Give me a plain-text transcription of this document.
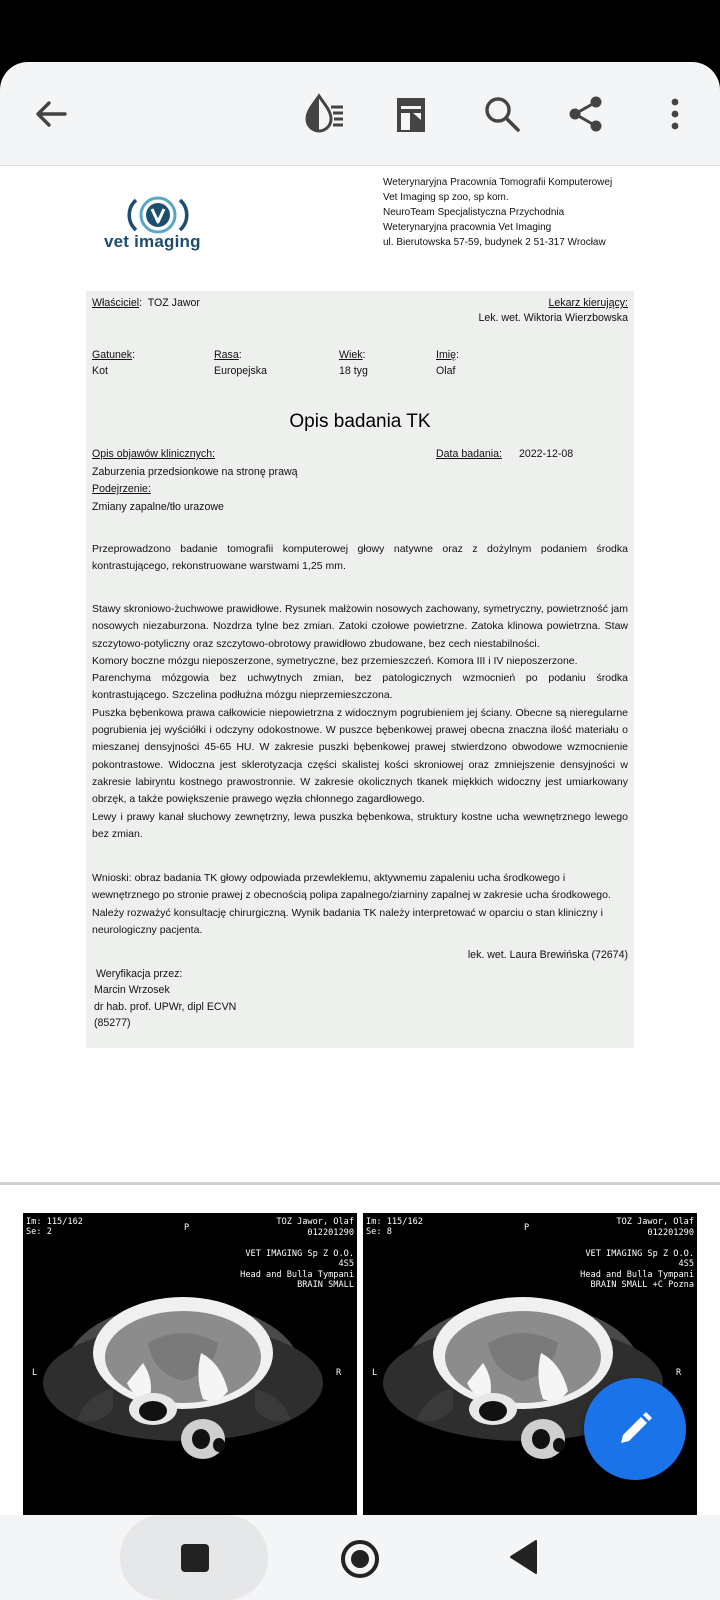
vet imaging
Weterynaryjna Pracownia Tomografii Komputerowej
Vet Imaging sp zoo, sp kom.
NeuroTeam Specjalistyczna Przychodnia
Weterynaryjna pracownia Vet Imaging
ul. Bierutowska 57-59, budynek 2 51-317 Wrocław
Właściciel:  TOZ Jawor	Lekarz kierujący:
Lek. wet. Wiktoria Wierzbowska
Gatunek:
Kot
Rasa:
Europejska
Wiek:
18 tyg
Imię:
Olaf
Opis badania TK
Opis objawów klinicznych:
Zaburzenia przedsionkowe na stronę prawą
Data badania: 2022-12-08
Podejrzenie:
Zmiany zapalne/tło urazowe
Przeprowadzono badanie tomografii komputerowej głowy natywne oraz z dożylnym podaniem środka kontrastującego, rekonstruowane warstwami 1,25 mm.

Stawy skroniowo-żuchwowe prawidłowe. Rysunek małżowin nosowych zachowany, symetryczny, powietrzność jam nosowych niezaburzona. Nozdrza tylne bez zmian. Zatoki czołowe powietrzne. Zatoka klinowa powietrzna. Staw szczytowo-potyliczny oraz szczytowo-obrotowy prawidłowo zbudowane, bez cech niestabilności.

Komory boczne mózgu nieposzerzone, symetryczne, bez przemieszczeń. Komora III i IV nieposzerzone.

Parenchyma mózgowia bez uchwytnych zmian, bez patologicznych wzmocnień po podaniu środka kontrastującego. Szczelina podłużna mózgu nieprzemieszczona.

Puszka bębenkowa prawa całkowicie niepowietrzna z widocznym pogrubieniem jej ściany. Obecne są nieregularne pogrubienia jej wyściółki i odczyny odokostnowe. W puszce bębenkowej prawej obecna znaczna ilość materiału o mieszanej densyjności 45-65 HU. W zakresie puszki bębenkowej prawej stwierdzono obwodowe wzmocnienie pokontrastowe. Widoczna jest sklerotyzacja części skalistej kości skroniowej oraz zmniejszenie densyjności w zakresie labiryntu kostnego prawostronnie. W zakresie okolicznych tkanek miękkich widoczny jest umiarkowany obrzęk, a także powiększenie prawego węzła chłonnego zagardłowego.

Lewy i prawy kanał słuchowy zewnętrzny, lewa puszka bębenkowa, struktury kostne ucha wewnętrznego lewego bez zmian.

Wnioski: obraz badania TK głowy odpowiada przewlekłemu, aktywnemu zapaleniu ucha środkowego i wewnętrznego po stronie prawej z obecnością polipa zapalnego/ziarniny zapalnej w zakresie ucha środkowego. Należy rozważyć konsultację chirurgiczną. Wynik badania TK należy interpretować w oparciu o stan kliniczny i neurologiczny pacjenta.
lek. wet. Laura Brewińska (72674)
Weryfikacja przez:
Marcin Wrzosek
dr hab. prof. UPWr, dipl ECVN
(85277)
Im: 115/162
Se: 2	P
L	R
TOZ Jawor, Olaf
012201290
VET IMAGING Sp Z O.O.
4S5
Head and Bulla Tympani
BRAIN SMALL
Im: 115/162
Se: 8	P
L	R
TOZ Jawor, Olaf
012201290
VET IMAGING Sp Z O.O.
4S5
Head and Bulla Tympani
BRAIN SMALL +C Pozna
